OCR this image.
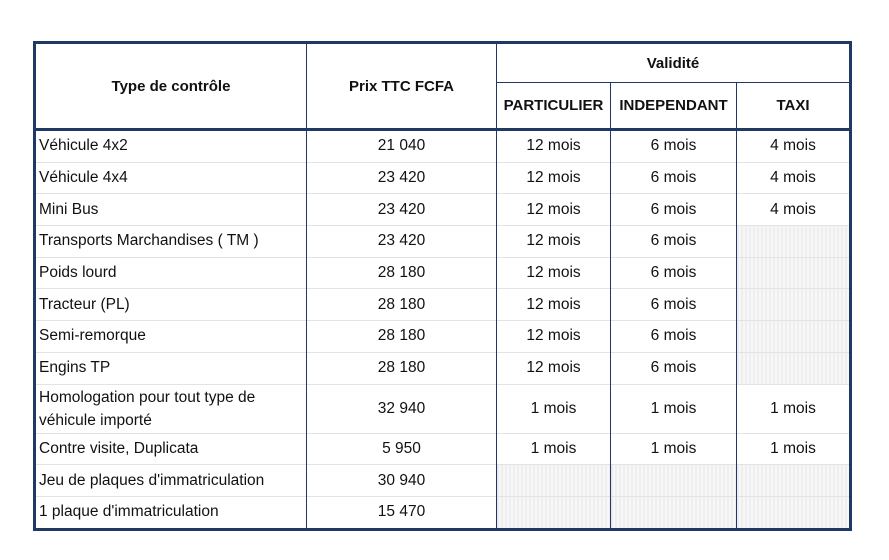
Type de contrôle	Prix TTC FCFA	Validité		
		PARTICULIER	INDEPENDANT	TAXI
Véhicule 4x2	21 040	12 mois	6 mois	4 mois
Véhicule 4x4	23 420	12 mois	6 mois	4 mois
Mini Bus	23 420	12 mois	6 mois	4 mois
Transports Marchandises ( TM )	23 420	12 mois	6 mois	
Poids lourd	28 180	12 mois	6 mois	
Tracteur (PL)	28 180	12 mois	6 mois	
Semi-remorque	28 180	12 mois	6 mois	
Engins TP	28 180	12 mois	6 mois	
Homologation pour tout type de véhicule importé	32 940	1 mois	1 mois	1 mois
Contre visite, Duplicata	5 950	1 mois	1 mois	1 mois
Jeu de plaques d'immatriculation	30 940			
1 plaque d'immatriculation	15 470			
